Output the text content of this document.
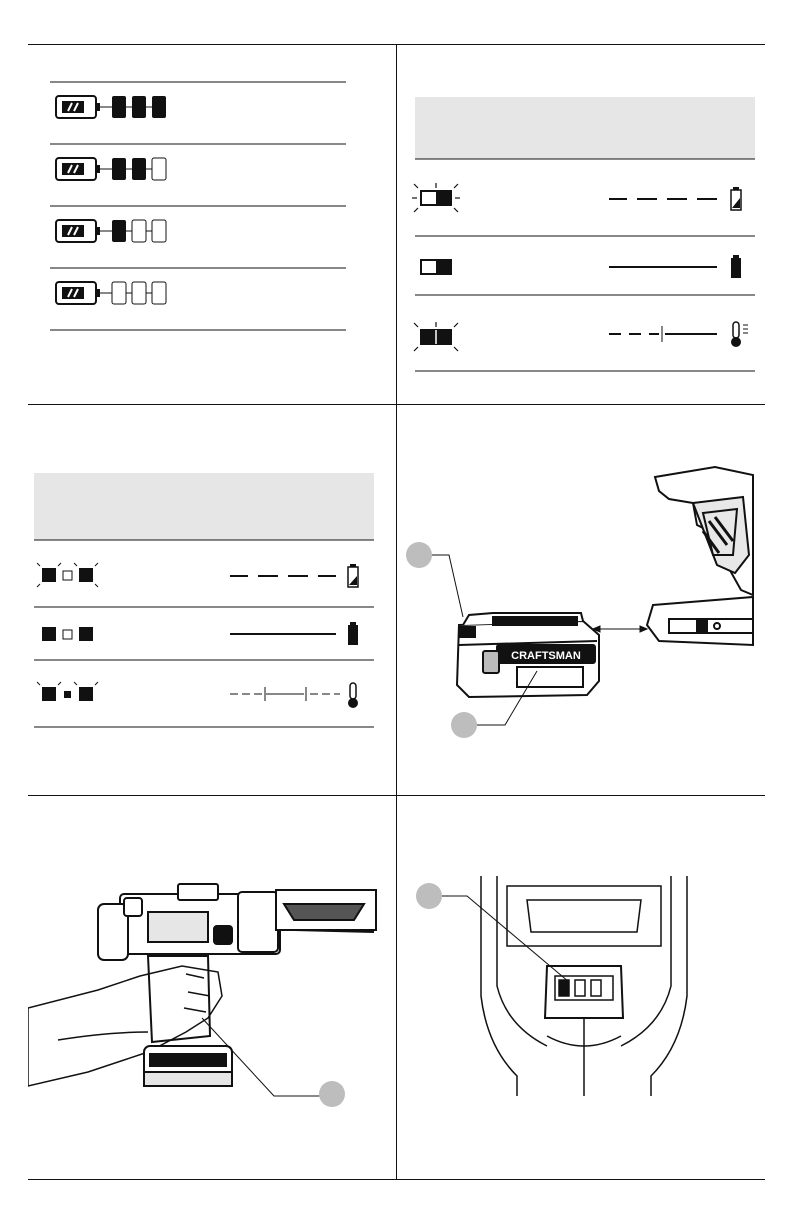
CRAFTSMAN
